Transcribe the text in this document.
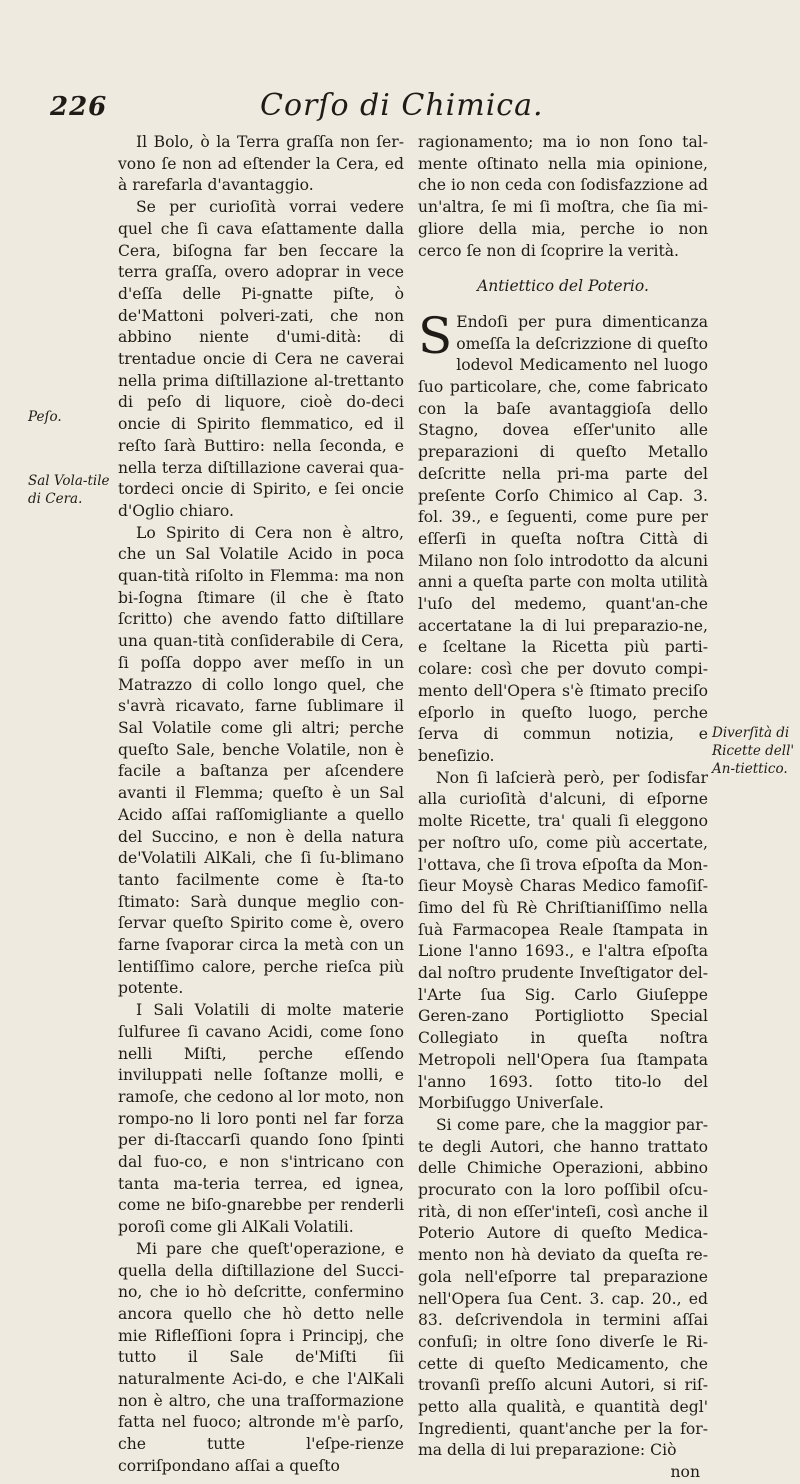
226	Corſo di Chimica.
Peſo.
Sal Vola-tile di Cera.
Diverſità di Ricette dell' An-tiettico.

Il Bolo, ò la Terra graſſa non ſer-vono ſe non ad eſtender la Cera, ed à rarefarla d'avantaggio.

Se per curioſità vorrai vedere quel che ſi cava eſattamente dalla Cera, biſogna far ben ſeccare la terra graſſa, overo adoprar in vece d'eſſa delle Pi-gnatte piſte, ò de'Mattoni polveri-zati, che non abbino niente d'umi-dità: di trentadue oncie di Cera ne caverai nella prima diſtillazione al-trettanto di peſo di liquore, cioè do-deci oncie di Spirito flemmatico, ed il reſto ſarà Buttiro: nella ſeconda, e nella terza diſtillazione caverai qua-tordeci oncie di Spirito, e ſei oncie d'Oglio chiaro.

Lo Spirito di Cera non è altro, che un Sal Volatile Acido in poca quan-tità riſolto in Flemma: ma non bi-ſogna ſtimare (il che è ſtato ſcritto) che avendo fatto diſtillare una quan-tità conſiderabile di Cera, ſi poſſa doppo aver meſſo in un Matrazzo di collo longo quel, che s'avrà ricavato, farne ſublimare il Sal Volatile come gli altri; perche queſto Sale, benche Volatile, non è facile a baſtanza per aſcendere avanti il Flemma; queſto è un Sal Acido aſſai raſſomigliante a quello del Succino, e non è della natura de'Volatili AlKali, che ſi ſu-blimano tanto facilmente come è ſta-to ſtimato: Sarà dunque meglio con-ſervar queſto Spirito come è, overo farne ſvaporar circa la metà con un lentiſſimo calore, perche rieſca più potente.

I Sali Volatili di molte materie ſulfuree ſi cavano Acidi, come ſono nelli Miſti, perche eſſendo inviluppati nelle ſoſtanze molli, e ramoſe, che cedono al lor moto, non rompo-no li loro ponti nel far forza per di-ſtaccarſi quando ſono ſpinti dal fuo-co, e non s'intricano con tanta ma-teria terrea, ed ignea, come ne biſo-gnarebbe per renderli poroſi come gli AlKali Volatili.

Mi pare che queſt'operazione, e quella della diſtillazione del Succi-no, che io hò deſcritte, confermino ancora quello che hò detto nelle mie Rifleſſioni ſopra i Principj, che tutto il Sale de'Miſti ſii naturalmente Aci-do, e che l'AlKali non è altro, che una traſformazione fatta nel fuoco; altronde m'è parſo, che tutte l'eſpe-rienze corriſpondano aſſai a queſto

ragionamento; ma io non ſono tal-mente oſtinato nella mia opinione, che io non ceda con ſodisfazzione ad un'altra, ſe mi ſi moſtra, che ſia mi-gliore della mia, perche io non cerco ſe non di ſcoprire la verità.

Antiettico del Poterio.

S Endoſi per pura dimenticanza omeſſa la deſcrizzione di queſto lodevol Medicamento nel luogo ſuo particolare, che, come fabricato con la baſe avantaggioſa dello Stagno, dovea eſſer'unito alle preparazioni di queſto Metallo deſcritte nella pri-ma parte del preſente Corſo Chimico al Cap. 3. fol. 39., e ſeguenti, come pure per eſſerſi in queſta noſtra Città di Milano non ſolo introdotto da alcuni anni a queſta parte con molta utilità l'uſo del medemo, quant'an-che accertatane la di lui preparazio-ne, e ſceltane la Ricetta più parti-colare: così che per dovuto compi-mento dell'Opera s'è ſtimato preciſo eſporlo in queſto luogo, perche ſerva di commun notizia, e beneſizio.

Non ſi laſcierà però, per ſodisfar alla curioſità d'alcuni, di eſporne molte Ricette, tra' quali ſi eleggono per noſtro uſo, come più accertate, l'ottava, che ſi trova eſpoſta da Mon-ſieur Moysè Charas Medico famoſiſ-ſimo del fù Rè Chriſtianiſſimo nella ſuà Farmacopea Reale ſtampata in Lione l'anno 1693., e l'altra eſpoſta dal noſtro prudente Inveſtigator del-l'Arte ſua Sig. Carlo Giuſeppe Geren-zano Portigliotto Special Collegiato in queſta noſtra Metropoli nell'Opera ſua ſtampata l'anno 1693. ſotto tito-lo del Morbiſuggo Univerſale.

Si come pare, che la maggior par-te degli Autori, che hanno trattato delle Chimiche Operazioni, abbino procurato con la loro poſſibil oſcu-rità, di non eſſer'inteſi, così anche il Poterio Autore di queſto Medica-mento non hà deviato da queſta re-gola nell'eſporre tal preparazione nell'Opera ſua Cent. 3. cap. 20., ed 83. deſcrivendola in termini aſſai confuſi; in oltre ſono diverſe le Ri-cette di queſto Medicamento, che trovanſi preſſo alcuni Autori, si riſ-petto alla qualità, e quantità degl' Ingredienti, quant'anche per la for-ma della di lui preparazione: Ciò

non
